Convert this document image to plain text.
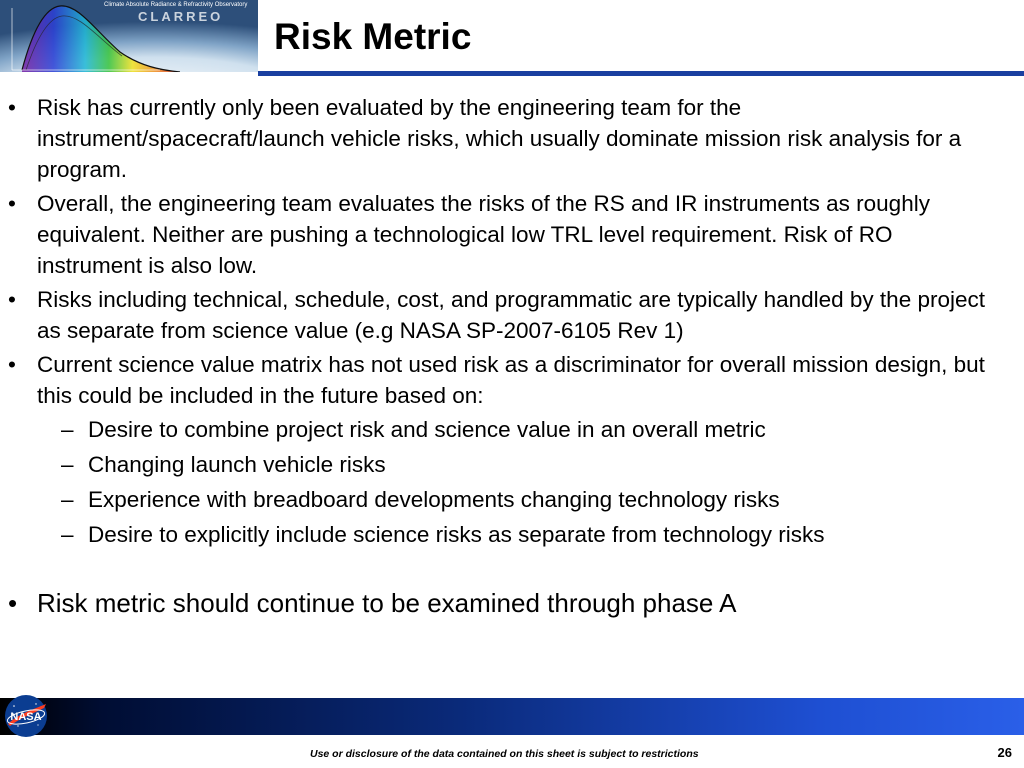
Climate Absolute Radiance & Refractivity Observatory
CLARREO Risk Metric
• Risk has currently only been evaluated by the engineering team for the instrument/spacecraft/launch vehicle risks, which usually dominate mission risk analysis for a program.
• Overall, the engineering team evaluates the risks of the RS and IR instruments as roughly equivalent. Neither are pushing a technological low TRL level requirement. Risk of RO instrument is also low.
• Risks including technical, schedule, cost, and programmatic are typically handled by the project as separate from science value (e.g NASA SP-2007-6105 Rev 1)
• Current science value matrix has not used risk as a discriminator for overall mission design, but this could be included in the future based on:
– Desire to combine project risk and science value in an overall metric
– Changing launch vehicle risks
– Experience with breadboard developments changing technology risks
– Desire to explicitly include science risks as separate from technology risks
• Risk metric should continue to be examined through phase A
NASA
Use or disclosure of the data contained on this sheet is subject to restrictions	26
